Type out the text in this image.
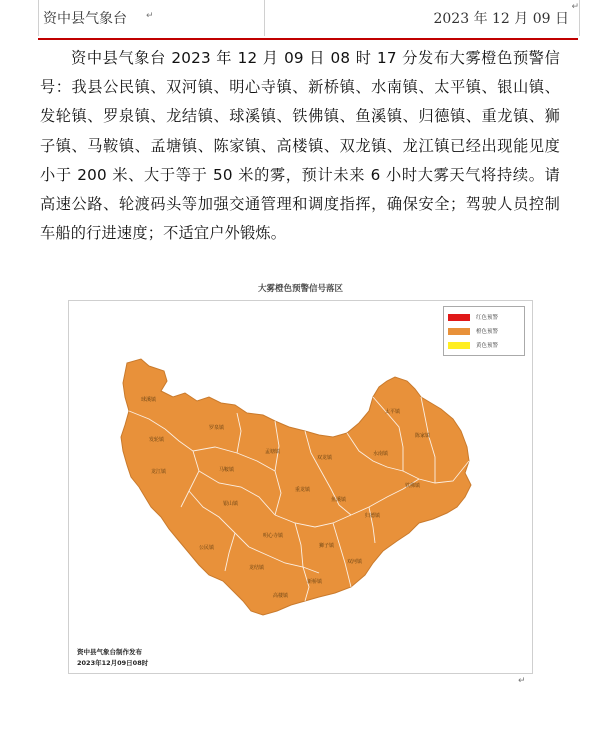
资中县气象台 ↵	2023 年 12 月 09 日
↵
资中县气象台 2023 年 12 月 09 日 08 时 17 分发布大雾橙色预警信号：我县公民镇、双河镇、明心寺镇、新桥镇、水南镇、太平镇、银山镇、发轮镇、罗泉镇、龙结镇、球溪镇、铁佛镇、鱼溪镇、归德镇、重龙镇、狮子镇、马鞍镇、孟塘镇、陈家镇、高楼镇、双龙镇、龙江镇已经出现能见度小于 200 米、大于等于 50 米的雾，预计未来 6 小时大雾天气将持续。请高速公路、轮渡码头等加强交通管理和调度指挥，确保安全；驾驶人员控制车船的行进速度；不适宜户外锻炼。
大雾橙色预警信号落区
球溪镇
发轮镇
罗泉镇
龙江镇	马鞍镇
孟塘镇
双龙镇
太平镇
陈家镇
水南镇
铁佛镇
银山镇
重龙镇
鱼溪镇
归德镇
明心寺镇
狮子镇
龙结镇
新桥镇
双河镇
公民镇
高楼镇
红色预警
橙色预警
黄色预警
资中县气象台制作发布
2023年12月09日08时
↵
